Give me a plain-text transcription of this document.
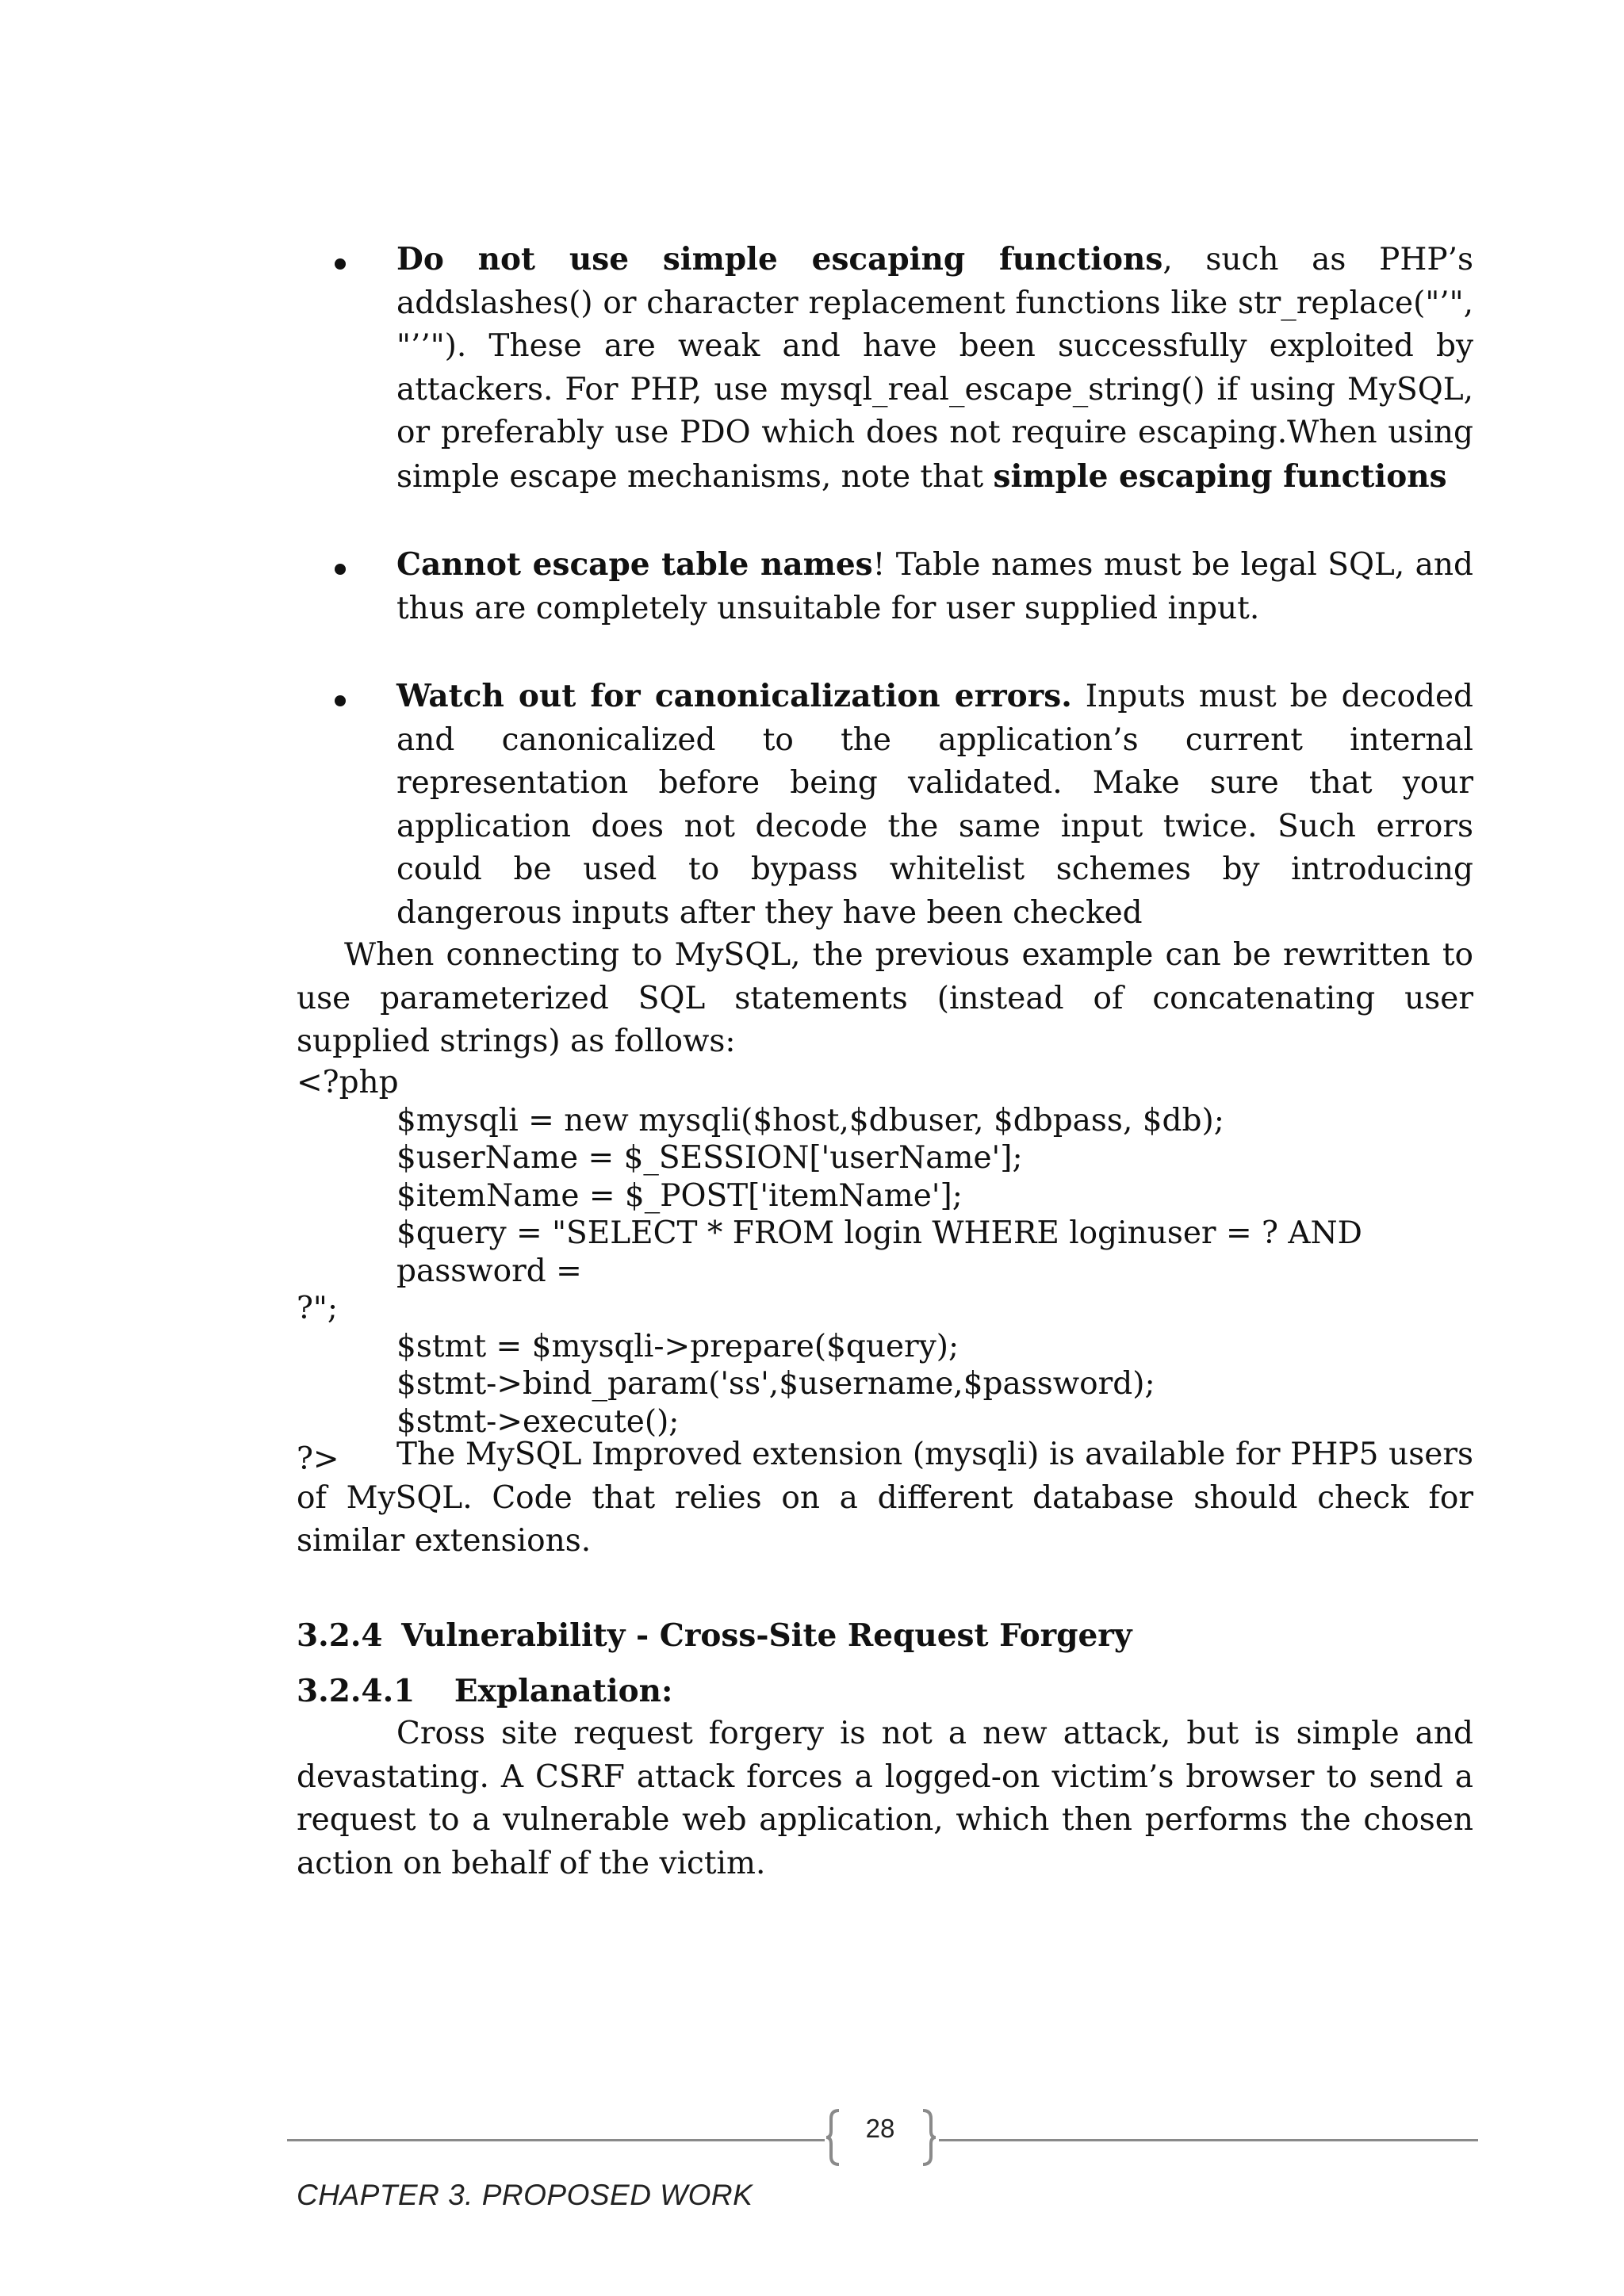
Do not use simple escaping functions, such as PHP’s addslashes() or character replacement functions like str_replace("’", "’’"). These are weak and have been successfully exploited by attackers. For PHP, use mysql_real_escape_string() if using MySQL, or preferably use PDO which does not require escaping.When using simple escape mechanisms, note that simple escaping functions
Cannot escape table names! Table names must be legal SQL, and thus are completely unsuitable for user supplied input.
Watch out for canonicalization errors. Inputs must be decoded and canonicalized to the application’s current internal representation before being validated. Make sure that your application does not decode the same input twice. Such errors could be used to bypass whitelist schemes by introducing dangerous inputs after they have been checked
When connecting to MySQL, the previous example can be rewritten to use parameterized SQL statements (instead of concatenating user supplied strings) as follows:
<?php
$mysqli = new mysqli($host,$dbuser, $dbpass, $db);
$userName = $_SESSION['userName'];
$itemName = $_POST['itemName'];
$query = "SELECT * FROM login WHERE loginuser = ? AND password =
?";
$stmt = $mysqli->prepare($query);
$stmt->bind_param('ss',$username,$password);
$stmt->execute();
?>	The MySQL Improved extension (mysqli) is available for PHP5 users of MySQL. Code that relies on a different database should check for similar extensions.
3.2.4 Vulnerability - Cross-Site Request Forgery
3.2.4.1 Explanation:
Cross site request forgery is not a new attack, but is simple and devastating. A CSRF attack forces a logged-on victim’s browser to send a request to a vulnerable web application, which then performs the chosen action on behalf of the victim.
28
CHAPTER 3. PROPOSED WORK
